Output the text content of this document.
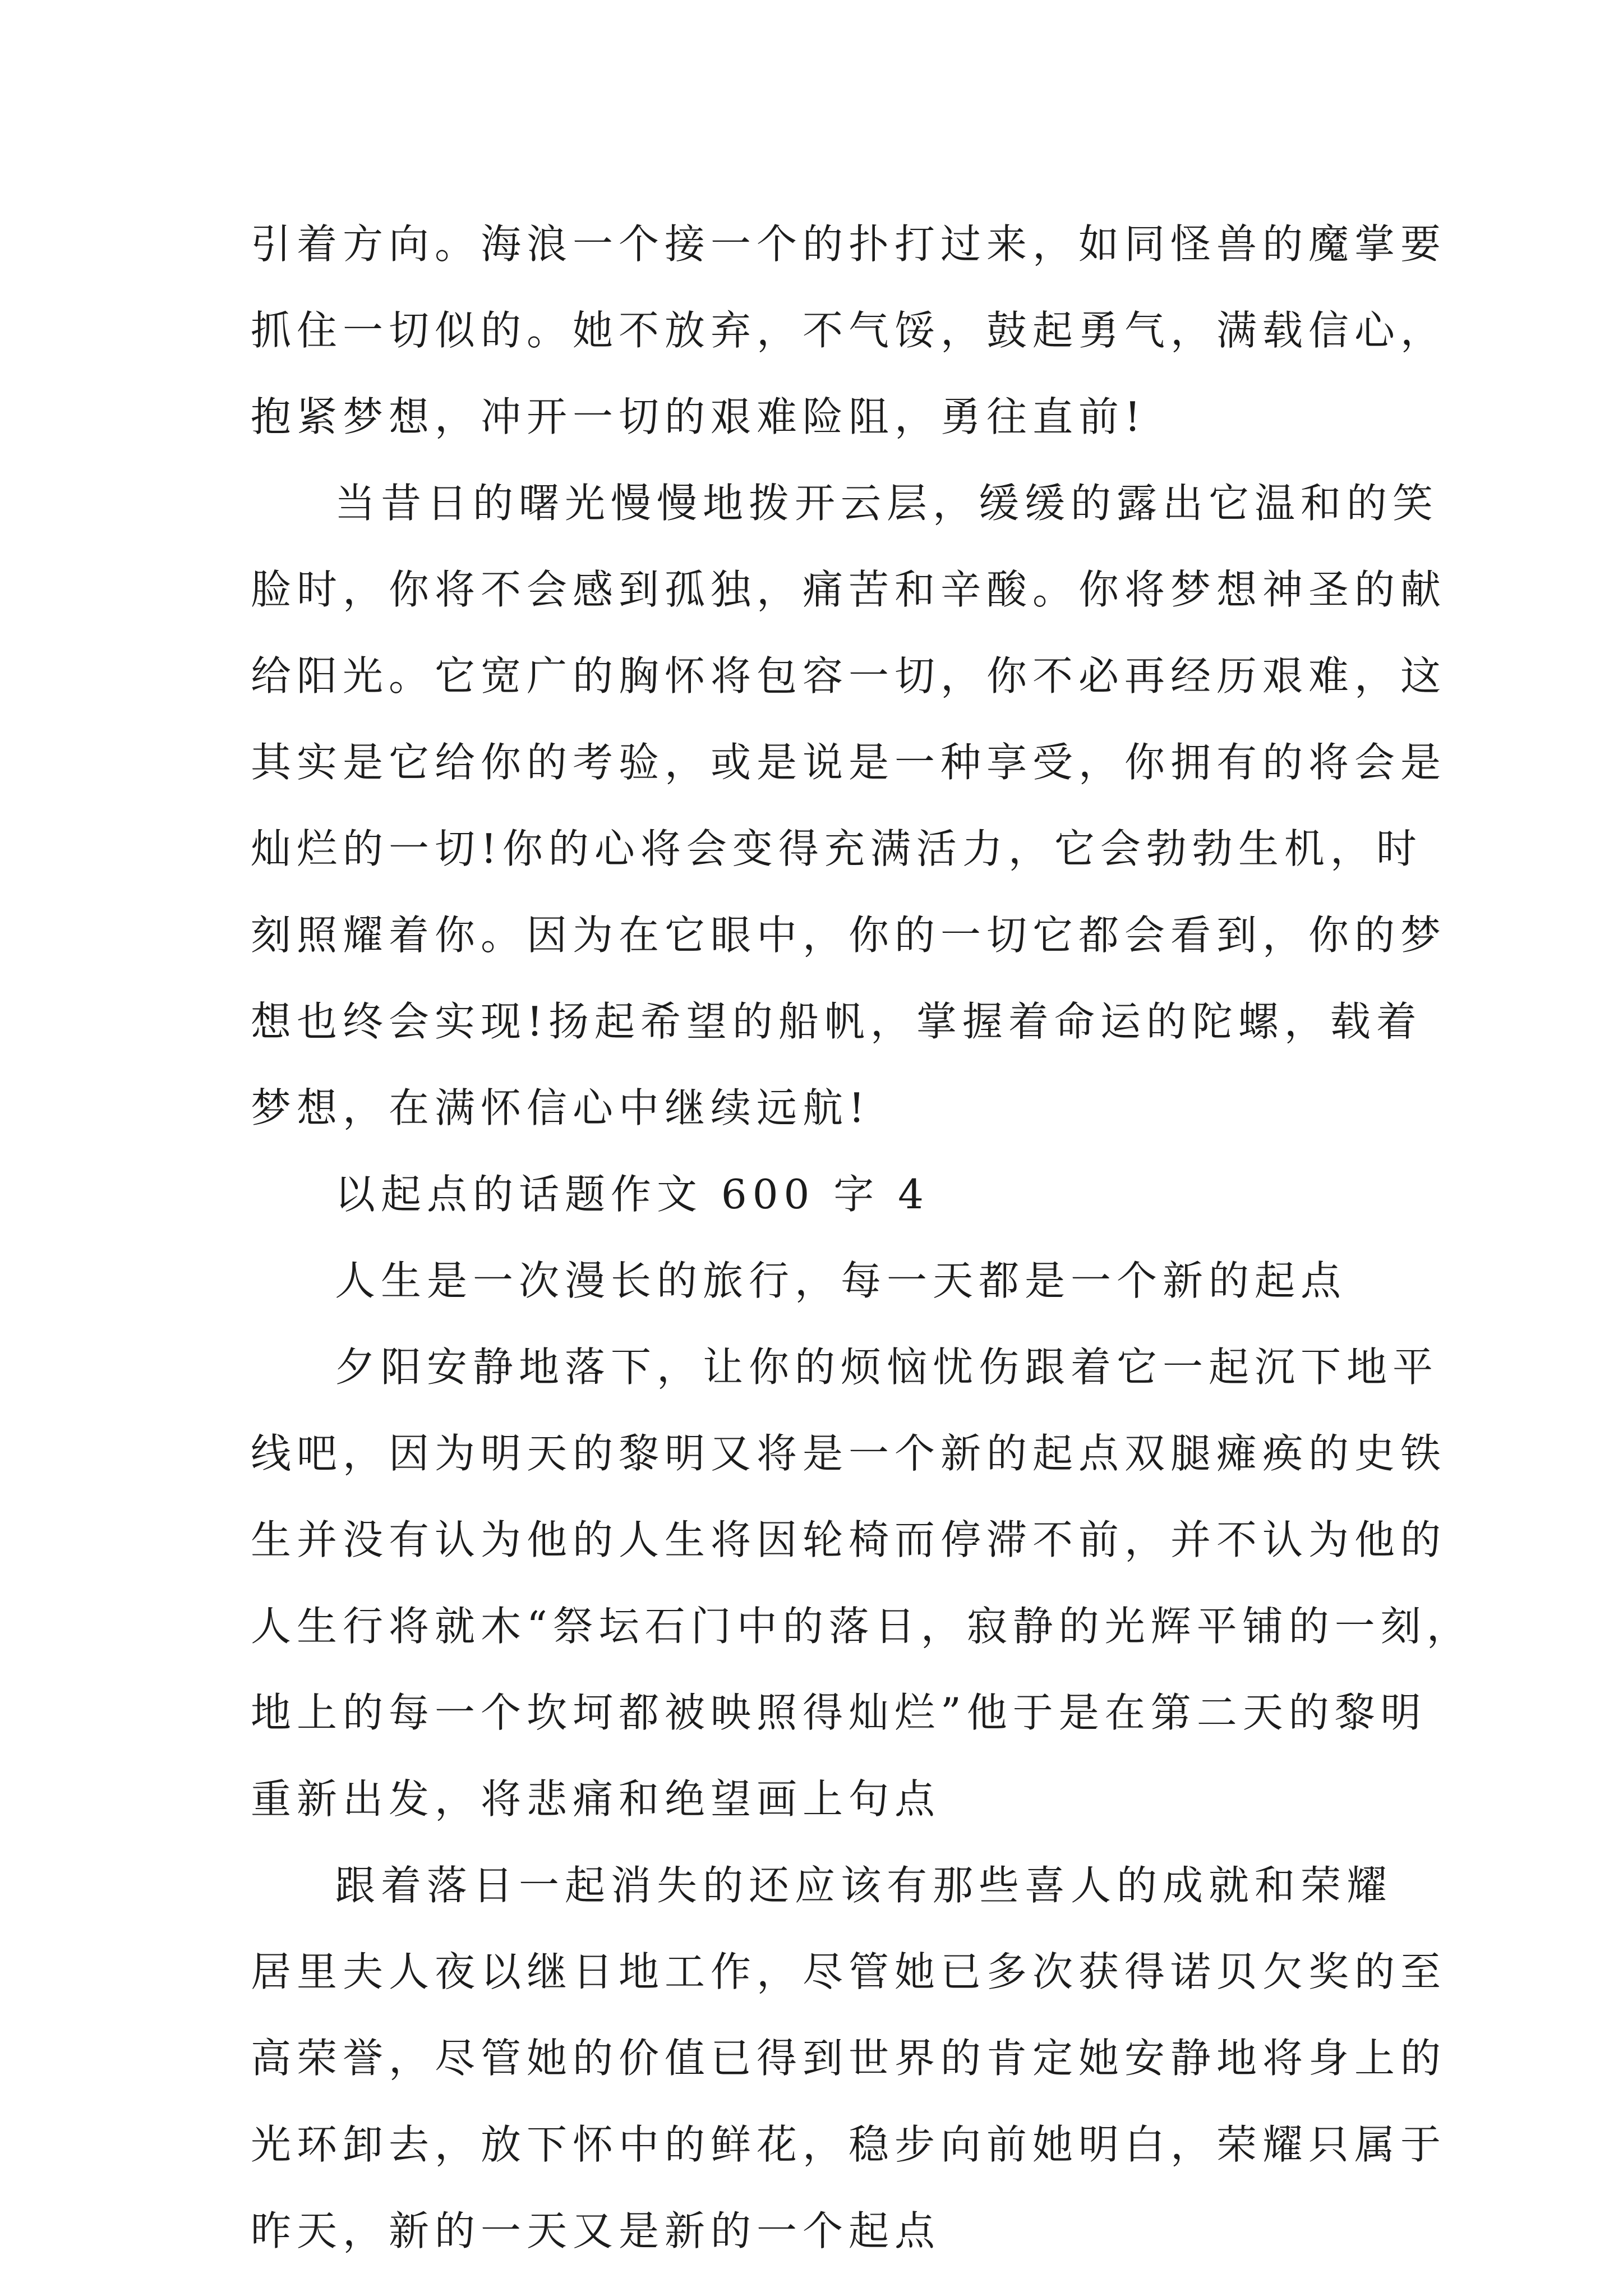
引着方向。海浪一个接一个的扑打过来，如同怪兽的魔掌要
抓住一切似的。她不放弃，不气馁，鼓起勇气，满载信心，
抱紧梦想，冲开一切的艰难险阻，勇往直前!
当昔日的曙光慢慢地拨开云层，缓缓的露出它温和的笑
脸时，你将不会感到孤独，痛苦和辛酸。你将梦想神圣的献
给阳光。它宽广的胸怀将包容一切，你不必再经历艰难，这
其实是它给你的考验，或是说是一种享受，你拥有的将会是
灿烂的一切!你的心将会变得充满活力，它会勃勃生机，时
刻照耀着你。因为在它眼中，你的一切它都会看到，你的梦
想也终会实现!扬起希望的船帆，掌握着命运的陀螺，载着
梦想，在满怀信心中继续远航!
以起点的话题作文 600 字 4
人生是一次漫长的旅行，每一天都是一个新的起点
夕阳安静地落下，让你的烦恼忧伤跟着它一起沉下地平
线吧，因为明天的黎明又将是一个新的起点双腿瘫痪的史铁
生并没有认为他的人生将因轮椅而停滞不前，并不认为他的
人生行将就木“祭坛石门中的落日，寂静的光辉平铺的一刻，
地上的每一个坎坷都被映照得灿烂”他于是在第二天的黎明
重新出发，将悲痛和绝望画上句点
跟着落日一起消失的还应该有那些喜人的成就和荣耀
居里夫人夜以继日地工作，尽管她已多次获得诺贝欠奖的至
高荣誉，尽管她的价值已得到世界的肯定她安静地将身上的
光环卸去，放下怀中的鲜花，稳步向前她明白，荣耀只属于
昨天，新的一天又是新的一个起点
